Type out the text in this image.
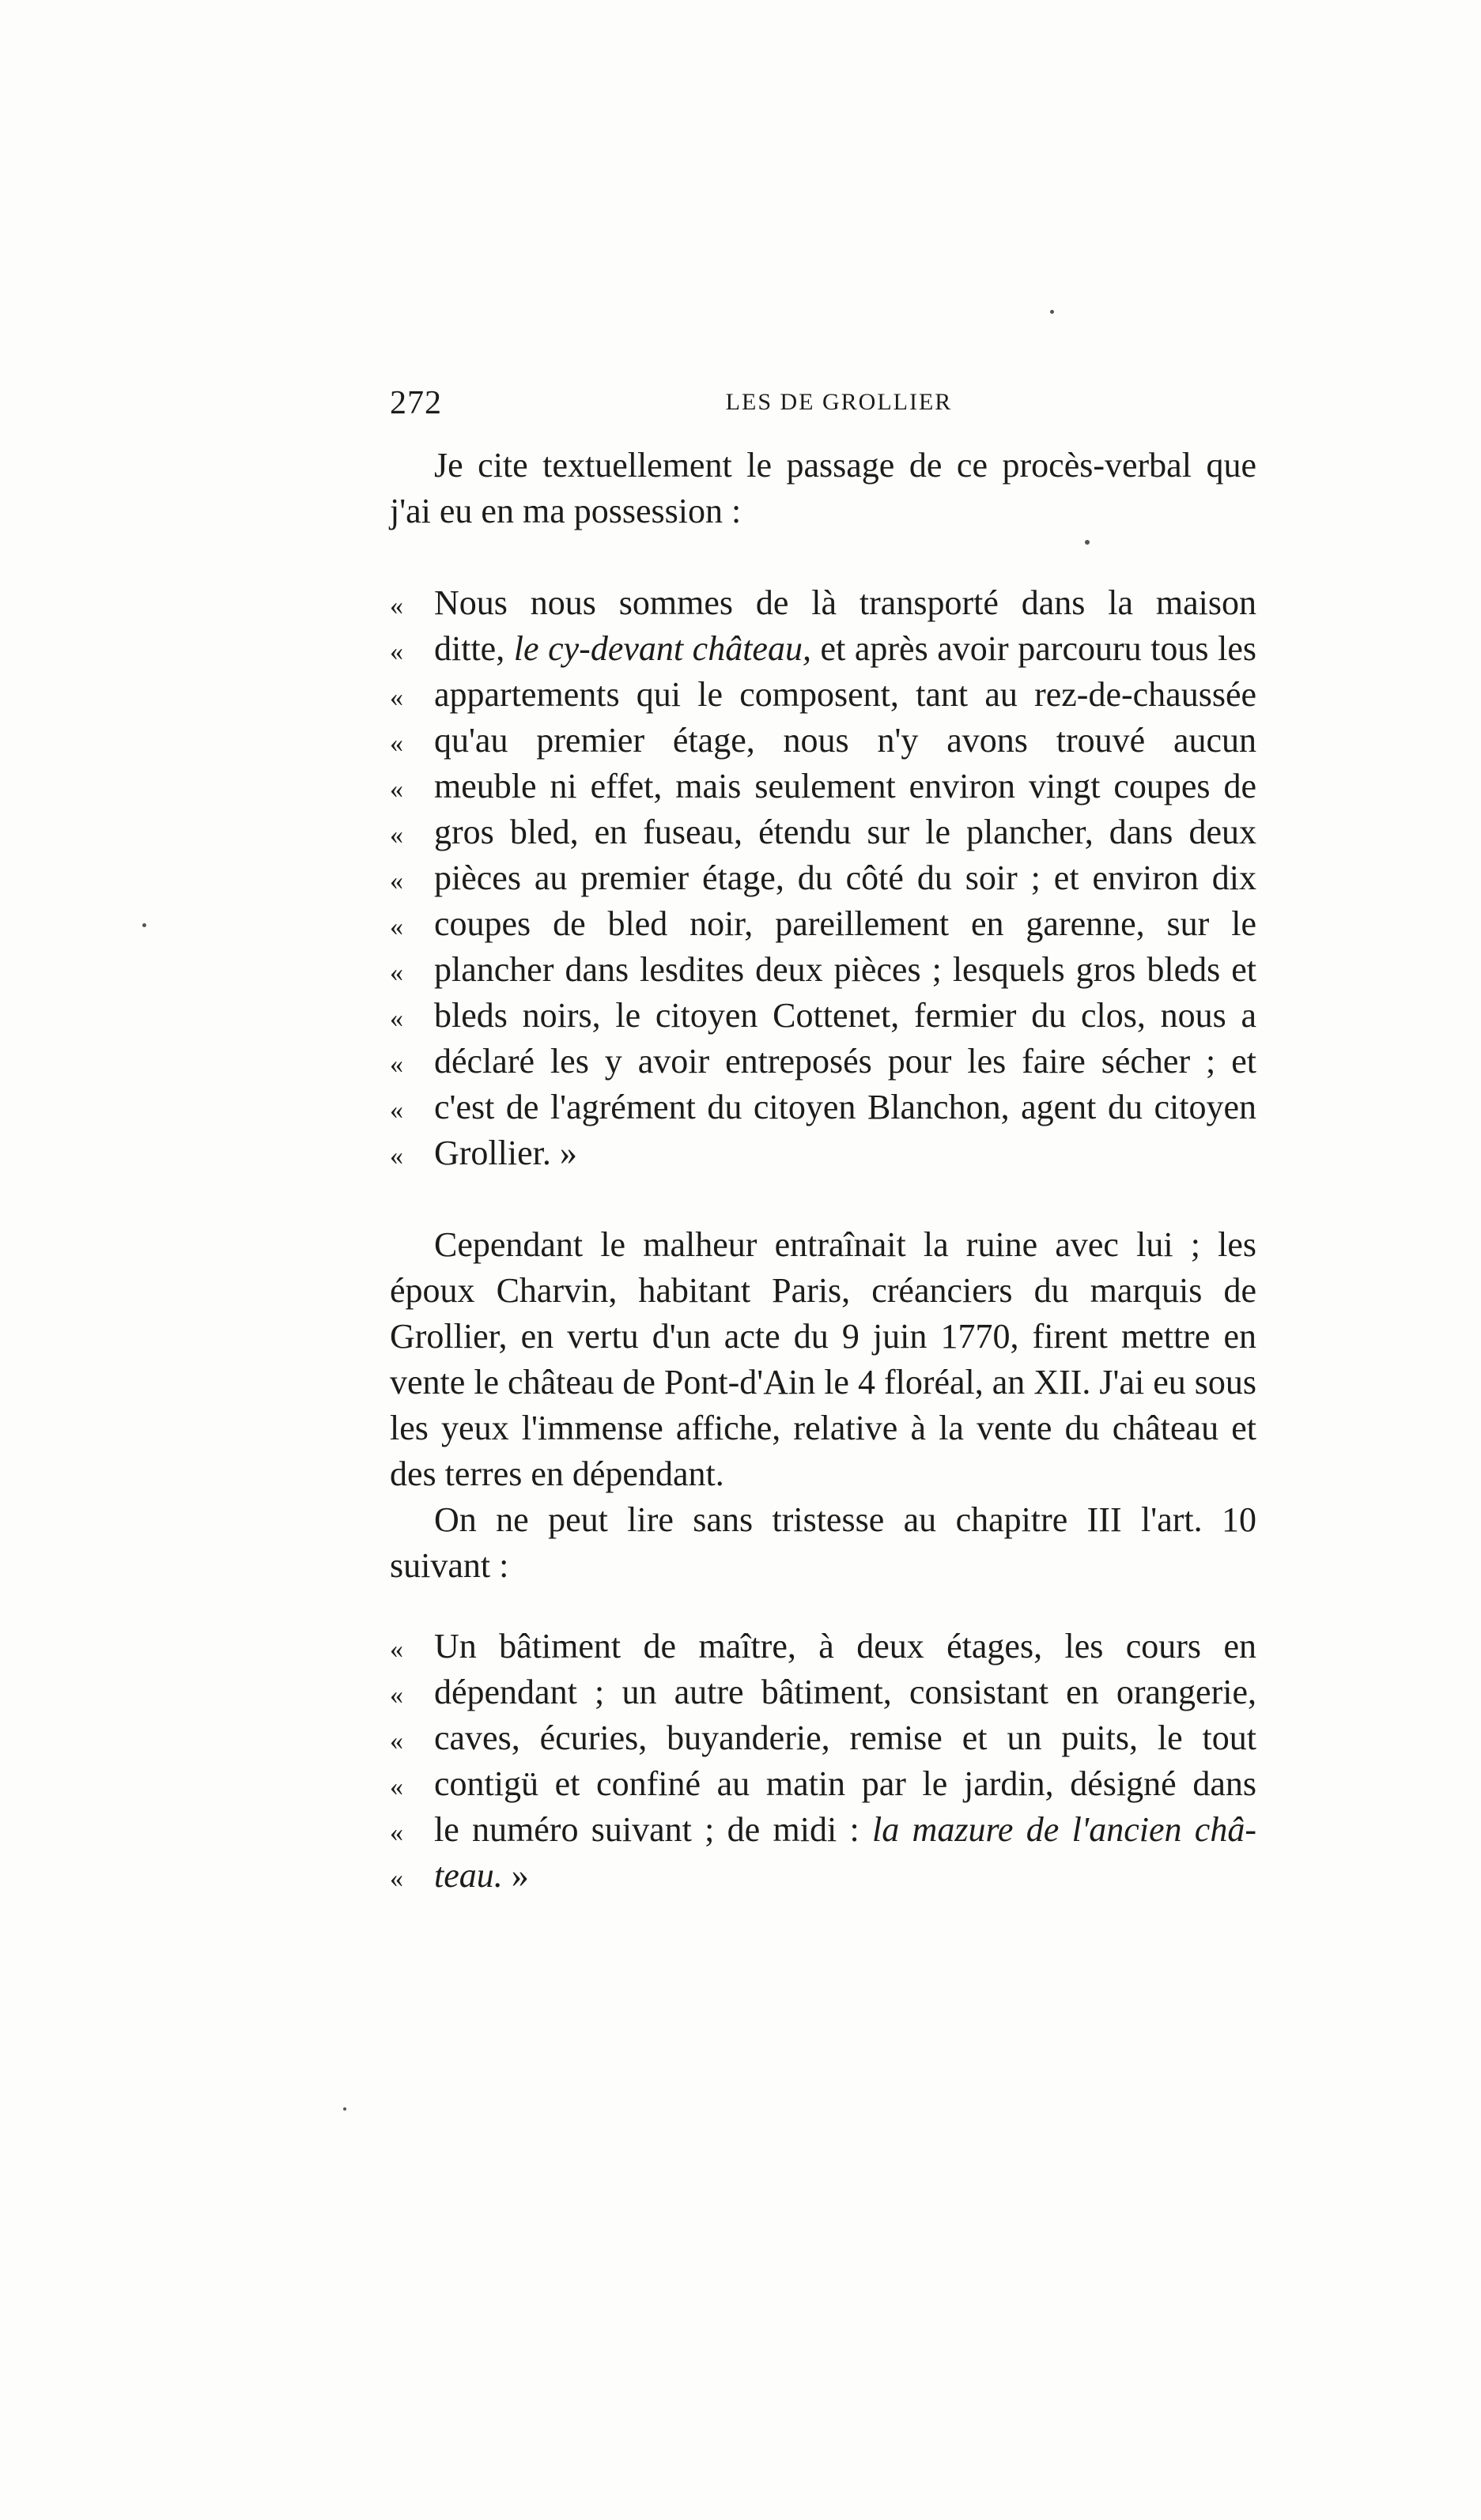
272	LES DE GROLLIER

Je cite textuellement le passage de ce procès-verbal que j'ai eu en ma possession :

« Nous nous sommes de là transporté dans la maison
« ditte, le cy-devant château, et après avoir parcouru tous les
« appartements qui le composent, tant au rez-de-chaussée
« qu'au premier étage, nous n'y avons trouvé aucun
« meuble ni effet, mais seulement environ vingt coupes de
« gros bled, en fuseau, étendu sur le plancher, dans deux
« pièces au premier étage, du côté du soir ; et environ dix
« coupes de bled noir, pareillement en garenne, sur le
« plancher dans lesdites deux pièces ; lesquels gros bleds et
« bleds noirs, le citoyen Cottenet, fermier du clos, nous a
« déclaré les y avoir entreposés pour les faire sécher ; et
« c'est de l'agrément du citoyen Blanchon, agent du citoyen
« Grollier. »

Cependant le malheur entraînait la ruine avec lui ; les époux Charvin, habitant Paris, créanciers du marquis de Grollier, en vertu d'un acte du 9 juin 1770, firent mettre en vente le château de Pont-d'Ain le 4 floréal, an XII. J'ai eu sous les yeux l'immense affiche, relative à la vente du château et des terres en dépendant.

On ne peut lire sans tristesse au chapitre III l'art. 10 suivant :

« Un bâtiment de maître, à deux étages, les cours en
« dépendant ; un autre bâtiment, consistant en orangerie,
« caves, écuries, buyanderie, remise et un puits, le tout
« contigü et confiné au matin par le jardin, désigné dans
« le numéro suivant ; de midi : la mazure de l'ancien châ-
« teau. »
